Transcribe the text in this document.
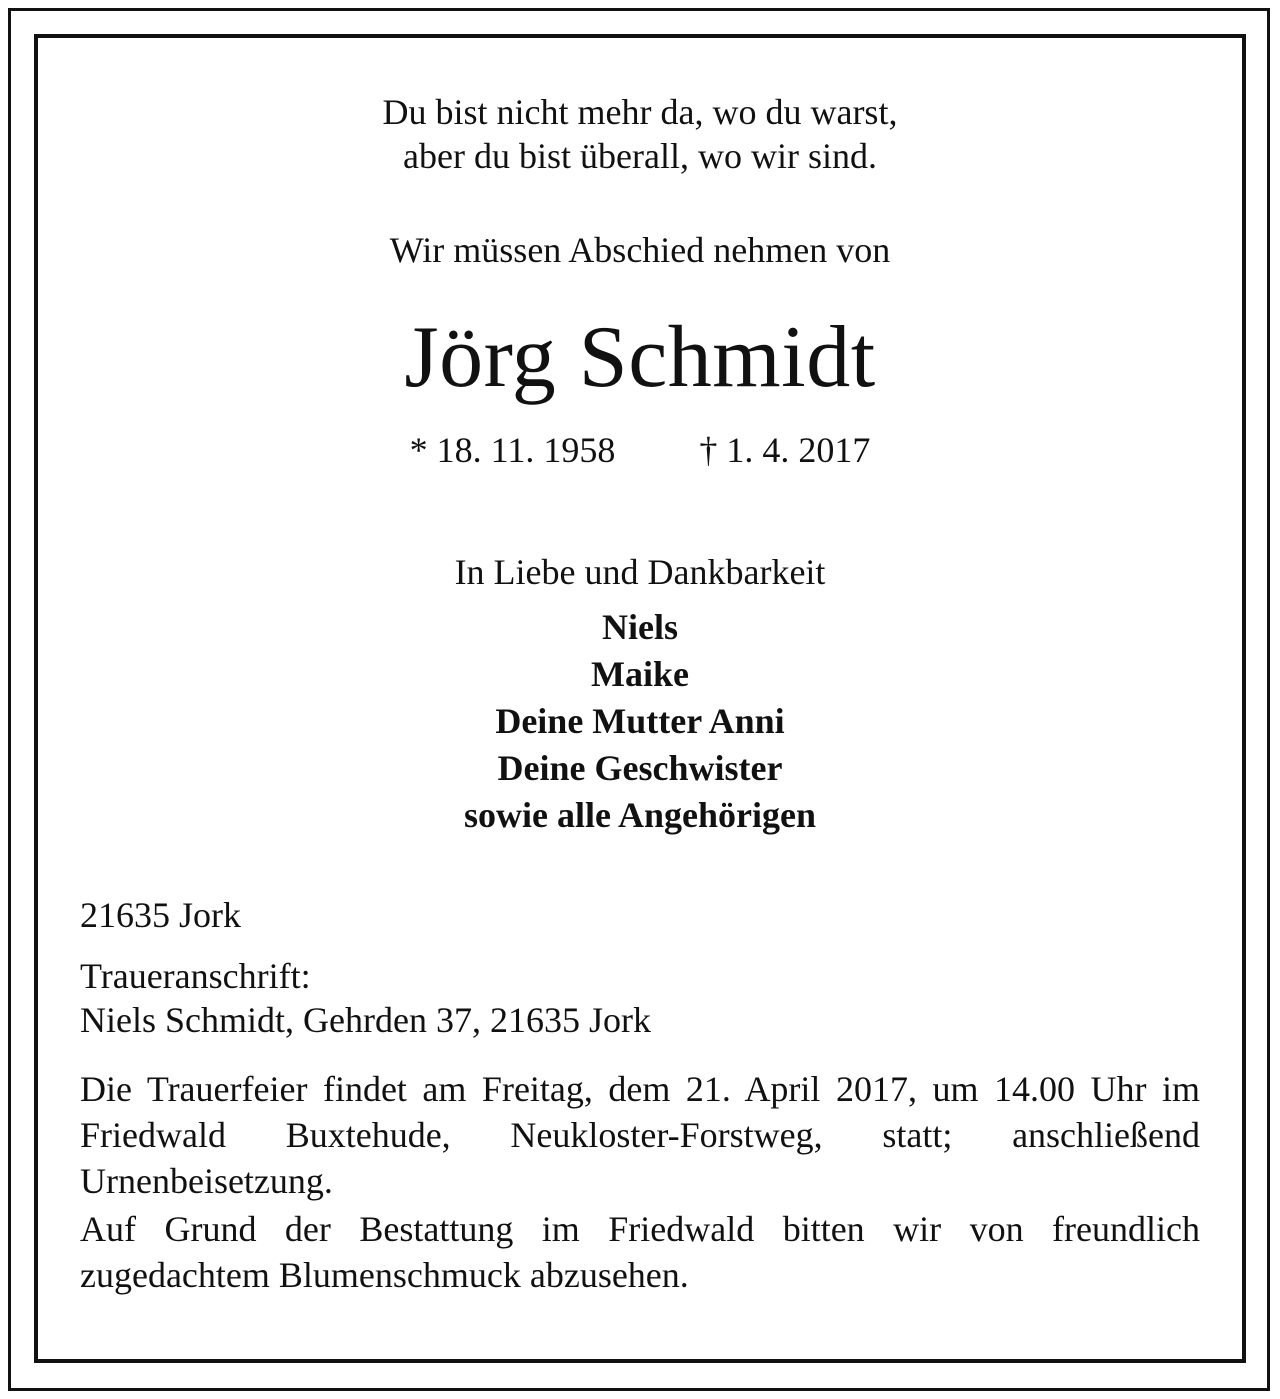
Du bist nicht mehr da, wo du warst,
aber du bist überall, wo wir sind.
Wir müssen Abschied nehmen von
Jörg Schmidt
* 18. 11. 1958 † 1. 4. 2017
In Liebe und Dankbarkeit
Niels
Maike
Deine Mutter Anni
Deine Geschwister
sowie alle Angehörigen
21635 Jork
Traueranschrift:
Niels Schmidt, Gehrden 37, 21635 Jork
Die Trauerfeier findet am Freitag, dem 21. April 2017, um 14.00 Uhr im Friedwald Buxtehude, Neukloster-Forstweg, statt; anschließend Urnenbeisetzung.
Auf Grund der Bestattung im Friedwald bitten wir von freundlich zugedachtem Blumenschmuck abzusehen.
